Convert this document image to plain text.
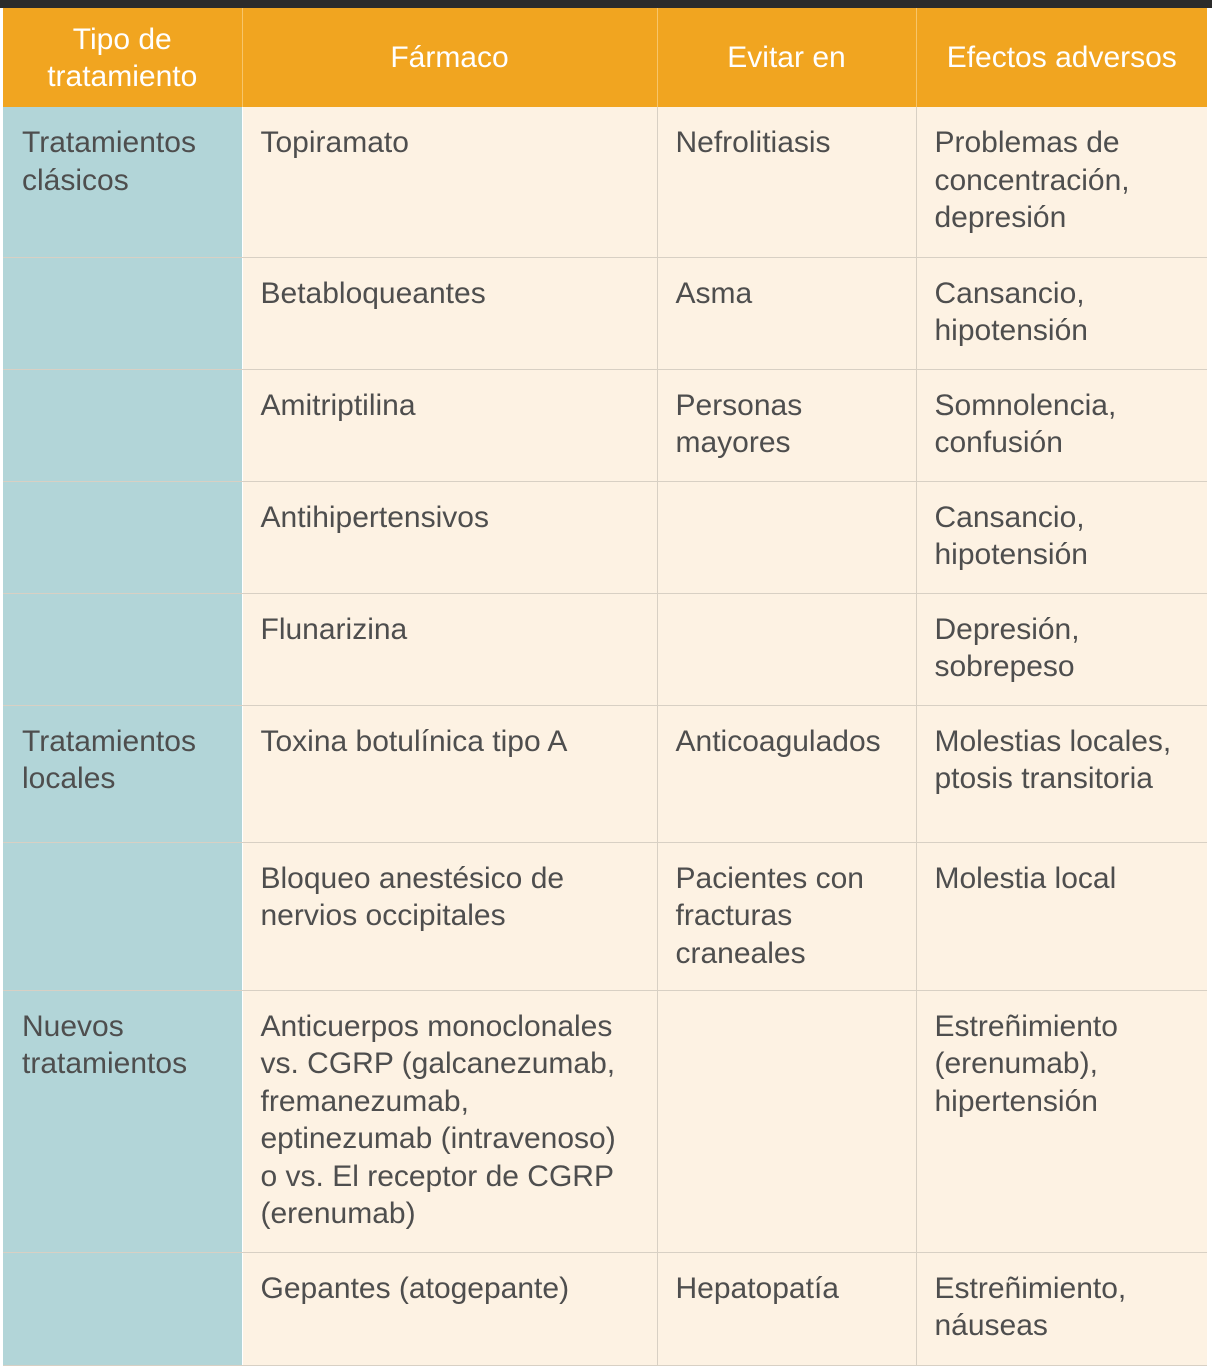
Tipo de tratamiento	Fármaco	Evitar en	Efectos adversos
Tratamientos clásicos	Topiramato	Nefrolitiasis	Problemas de concentración, depresión
	Betabloqueantes	Asma	Cansancio, hipotensión
	Amitriptilina	Personas mayores	Somnolencia, confusión
	Antihipertensivos		Cansancio, hipotensión
	Flunarizina		Depresión, sobrepeso
Tratamientos locales	Toxina botulínica tipo A	Anticoagulados	Molestias locales, ptosis transitoria
	Bloqueo anestésico de nervios occipitales	Pacientes con fracturas craneales	Molestia local
Nuevos tratamientos	Anticuerpos monoclonales vs. CGRP (galcanezumab, fremanezumab, eptinezumab (intravenoso) o vs. El receptor de CGRP (erenumab)		Estreñimiento (erenumab), hipertensión
	Gepantes (atogepante)	Hepatopatía	Estreñimiento, náuseas
